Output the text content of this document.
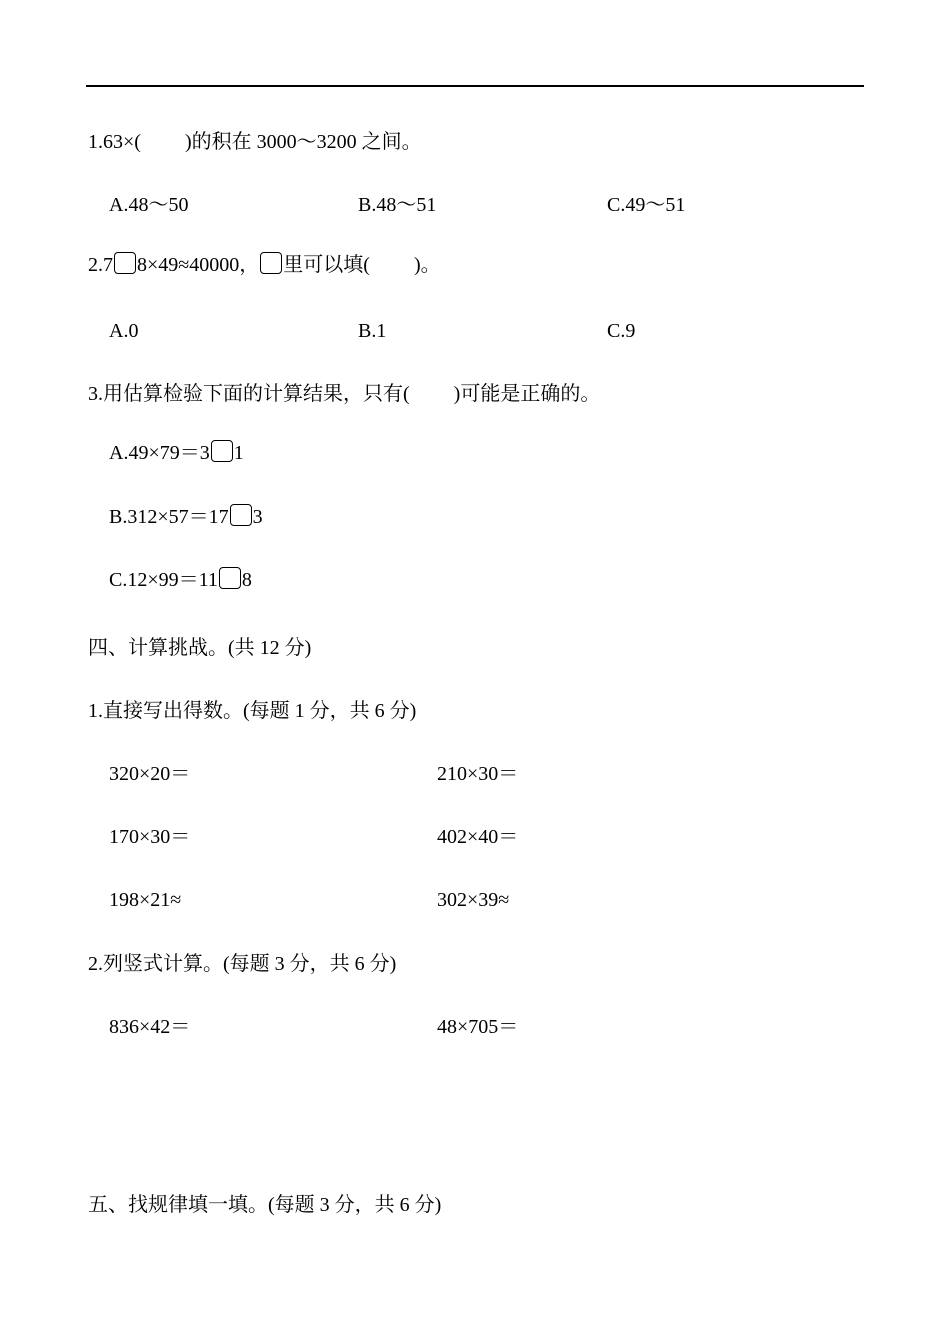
1.63×( )的积在 3000～3200 之间。
A.48～50	B.48～51	C.49～51
2.7 8×49≈40000， 里可以填( )。
A.0	B.1	C.9
3.用估算检验下面的计算结果，只有( )可能是正确的。
A.49×79＝3 1
B.312×57＝17 3
C.12×99＝11 8
四、计算挑战。(共 12 分)
1.直接写出得数。(每题 1 分，共 6 分)
320×20＝	210×30＝
170×30＝	402×40＝
198×21≈	302×39≈
2.列竖式计算。(每题 3 分，共 6 分)
836×42＝	48×705＝
五、找规律填一填。(每题 3 分，共 6 分)
